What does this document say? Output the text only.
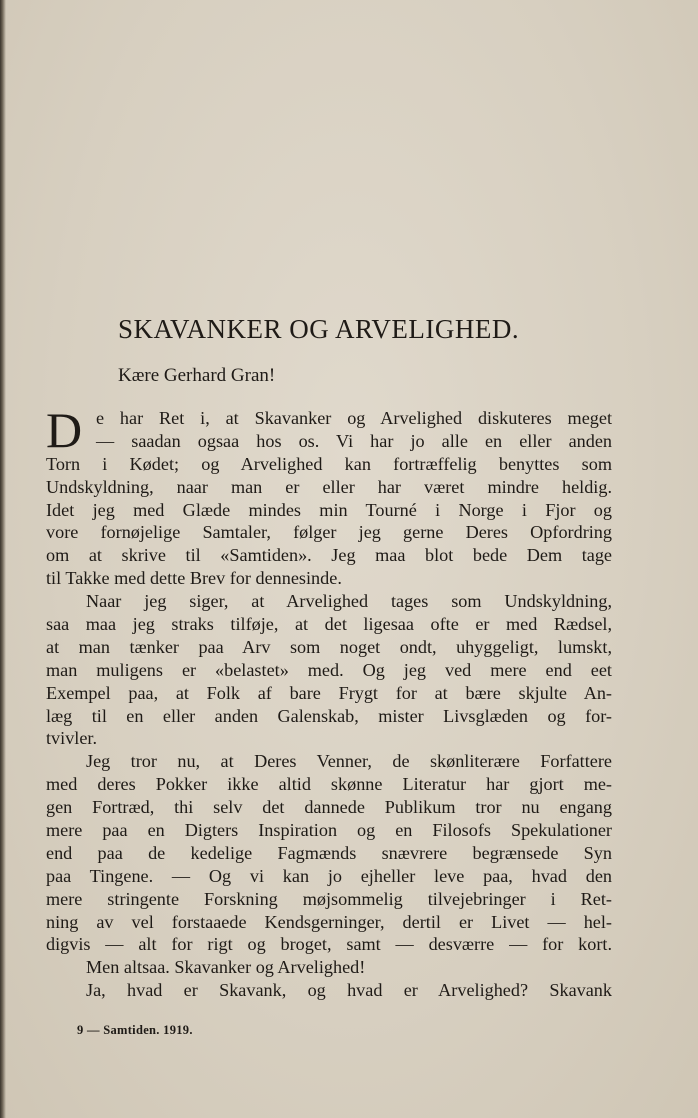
SKAVANKER OG ARVELIGHED.
Kære Gerhard Gran!
D e har Ret i, at Skavanker og Arvelighed diskuteres meget
— saadan ogsaa hos os. Vi har jo alle en eller anden
Torn i Kødet; og Arvelighed kan fortræffelig benyttes som
Undskyldning, naar man er eller har været mindre heldig.
Idet jeg med Glæde mindes min Tourné i Norge i Fjor og
vore fornøjelige Samtaler, følger jeg gerne Deres Opfordring
om at skrive til «Samtiden». Jeg maa blot bede Dem tage
til Takke med dette Brev for dennesinde.
Naar jeg siger, at Arvelighed tages som Undskyldning,
saa maa jeg straks tilføje, at det ligesaa ofte er med Rædsel,
at man tænker paa Arv som noget ondt, uhyggeligt, lumskt,
man muligens er «belastet» med. Og jeg ved mere end eet
Exempel paa, at Folk af bare Frygt for at bære skjulte An-
læg til en eller anden Galenskab, mister Livsglæden og for-
tvivler.
Jeg tror nu, at Deres Venner, de skønliterære Forfattere
med deres Pokker ikke altid skønne Literatur har gjort me-
gen Fortræd, thi selv det dannede Publikum tror nu engang
mere paa en Digters Inspiration og en Filosofs Spekulationer
end paa de kedelige Fagmænds snævrere begrænsede Syn
paa Tingene. — Og vi kan jo ejheller leve paa, hvad den
mere stringente Forskning møjsommelig tilvejebringer i Ret-
ning av vel forstaaede Kendsgerninger, dertil er Livet — hel-
digvis — alt for rigt og broget, samt — desværre — for kort.
Men altsaa. Skavanker og Arvelighed!
Ja, hvad er Skavank, og hvad er Arvelighed? Skavank
9 — Samtiden. 1919.
